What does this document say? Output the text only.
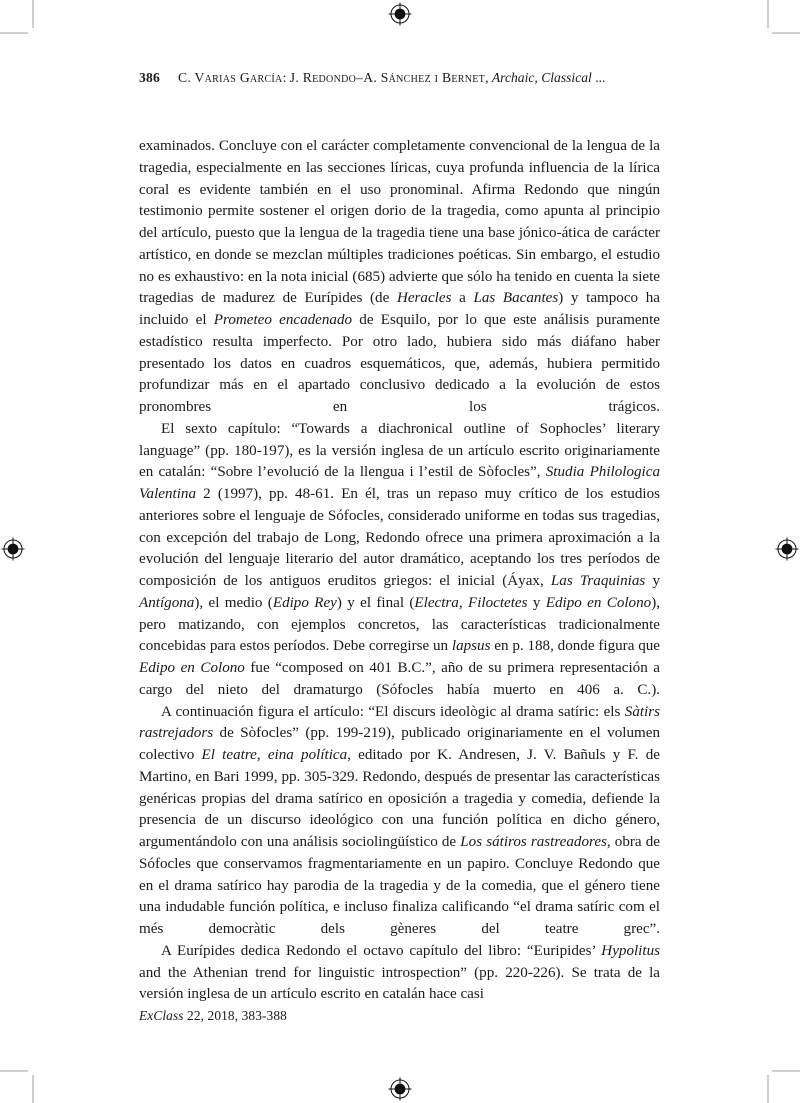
386 C. Varias García: J. Redondo–A. Sánchez i Bernet, Archaic, Classical ...

examinados. Concluye con el carácter completamente convencional de la lengua de la tragedia, especialmente en las secciones líricas, cuya profunda influencia de la lírica coral es evidente también en el uso pronominal. Afirma Redondo que ningún testimonio permite sostener el origen dorio de la tragedia, como apunta al principio del artículo, puesto que la lengua de la tragedia tiene una base jónico-ática de carácter artístico, en donde se mezclan múltiples tradiciones poéticas. Sin embargo, el estudio no es exhaustivo: en la nota inicial (685) advierte que sólo ha tenido en cuenta la siete tragedias de madurez de Eurípides (de Heracles a Las Bacantes) y tampoco ha incluido el Prometeo encadenado de Esquilo, por lo que este análisis puramente estadístico resulta imperfecto. Por otro lado, hubiera sido más diáfano haber presentado los datos en cuadros esquemáticos, que, además, hubiera permitido profundizar más en el apartado conclusivo dedicado a la evolución de estos pronombres en los trágicos.

El sexto capítulo: “Towards a diachronical outline of Sophocles’ literary language” (pp. 180-197), es la versión inglesa de un artículo escrito originariamente en catalán: “Sobre l’evolució de la llengua i l’estil de Sòfocles”, Studia Philologica Valentina 2 (1997), pp. 48-61. En él, tras un repaso muy crítico de los estudios anteriores sobre el lenguaje de Sófocles, considerado uniforme en todas sus tragedias, con excepción del trabajo de Long, Redondo ofrece una primera aproximación a la evolución del lenguaje literario del autor dramático, aceptando los tres períodos de composición de los antiguos eruditos griegos: el inicial (Áyax, Las Traquinias y Antígona), el medio (Edipo Rey) y el final (Electra, Filoctetes y Edipo en Colono), pero matizando, con ejemplos concretos, las características tradicionalmente concebidas para estos períodos. Debe corregirse un lapsus en p. 188, donde figura que Edipo en Colono fue “composed on 401 B.C.”, año de su primera representación a cargo del nieto del dramaturgo (Sófocles había muerto en 406 a. C.).

A continuación figura el artículo: “El discurs ideològic al drama satíric: els Sàtirs rastrejadors de Sòfocles” (pp. 199-219), publicado originariamente en el volumen colectivo El teatre, eina política, editado por K. Andresen, J. V. Bañuls y F. de Martino, en Bari 1999, pp. 305-329. Redondo, después de presentar las características genéricas propias del drama satírico en oposición a tragedia y comedia, defiende la presencia de un discurso ideológico con una función política en dicho género, argumentándolo con una análisis sociolingüístico de Los sátiros rastreadores, obra de Sófocles que conservamos fragmentariamente en un papiro. Concluye Redondo que en el drama satírico hay parodia de la tragedia y de la comedia, que el género tiene una indudable función política, e incluso finaliza calificando “el drama satíric com el més democràtic dels gèneres del teatre grec”.

A Eurípides dedica Redondo el octavo capítulo del libro: “Euripides’ Hypolitus and the Athenian trend for linguistic introspection” (pp. 220-226). Se trata de la versión inglesa de un artículo escrito en catalán hace casi

ExClass 22, 2018, 383-388
